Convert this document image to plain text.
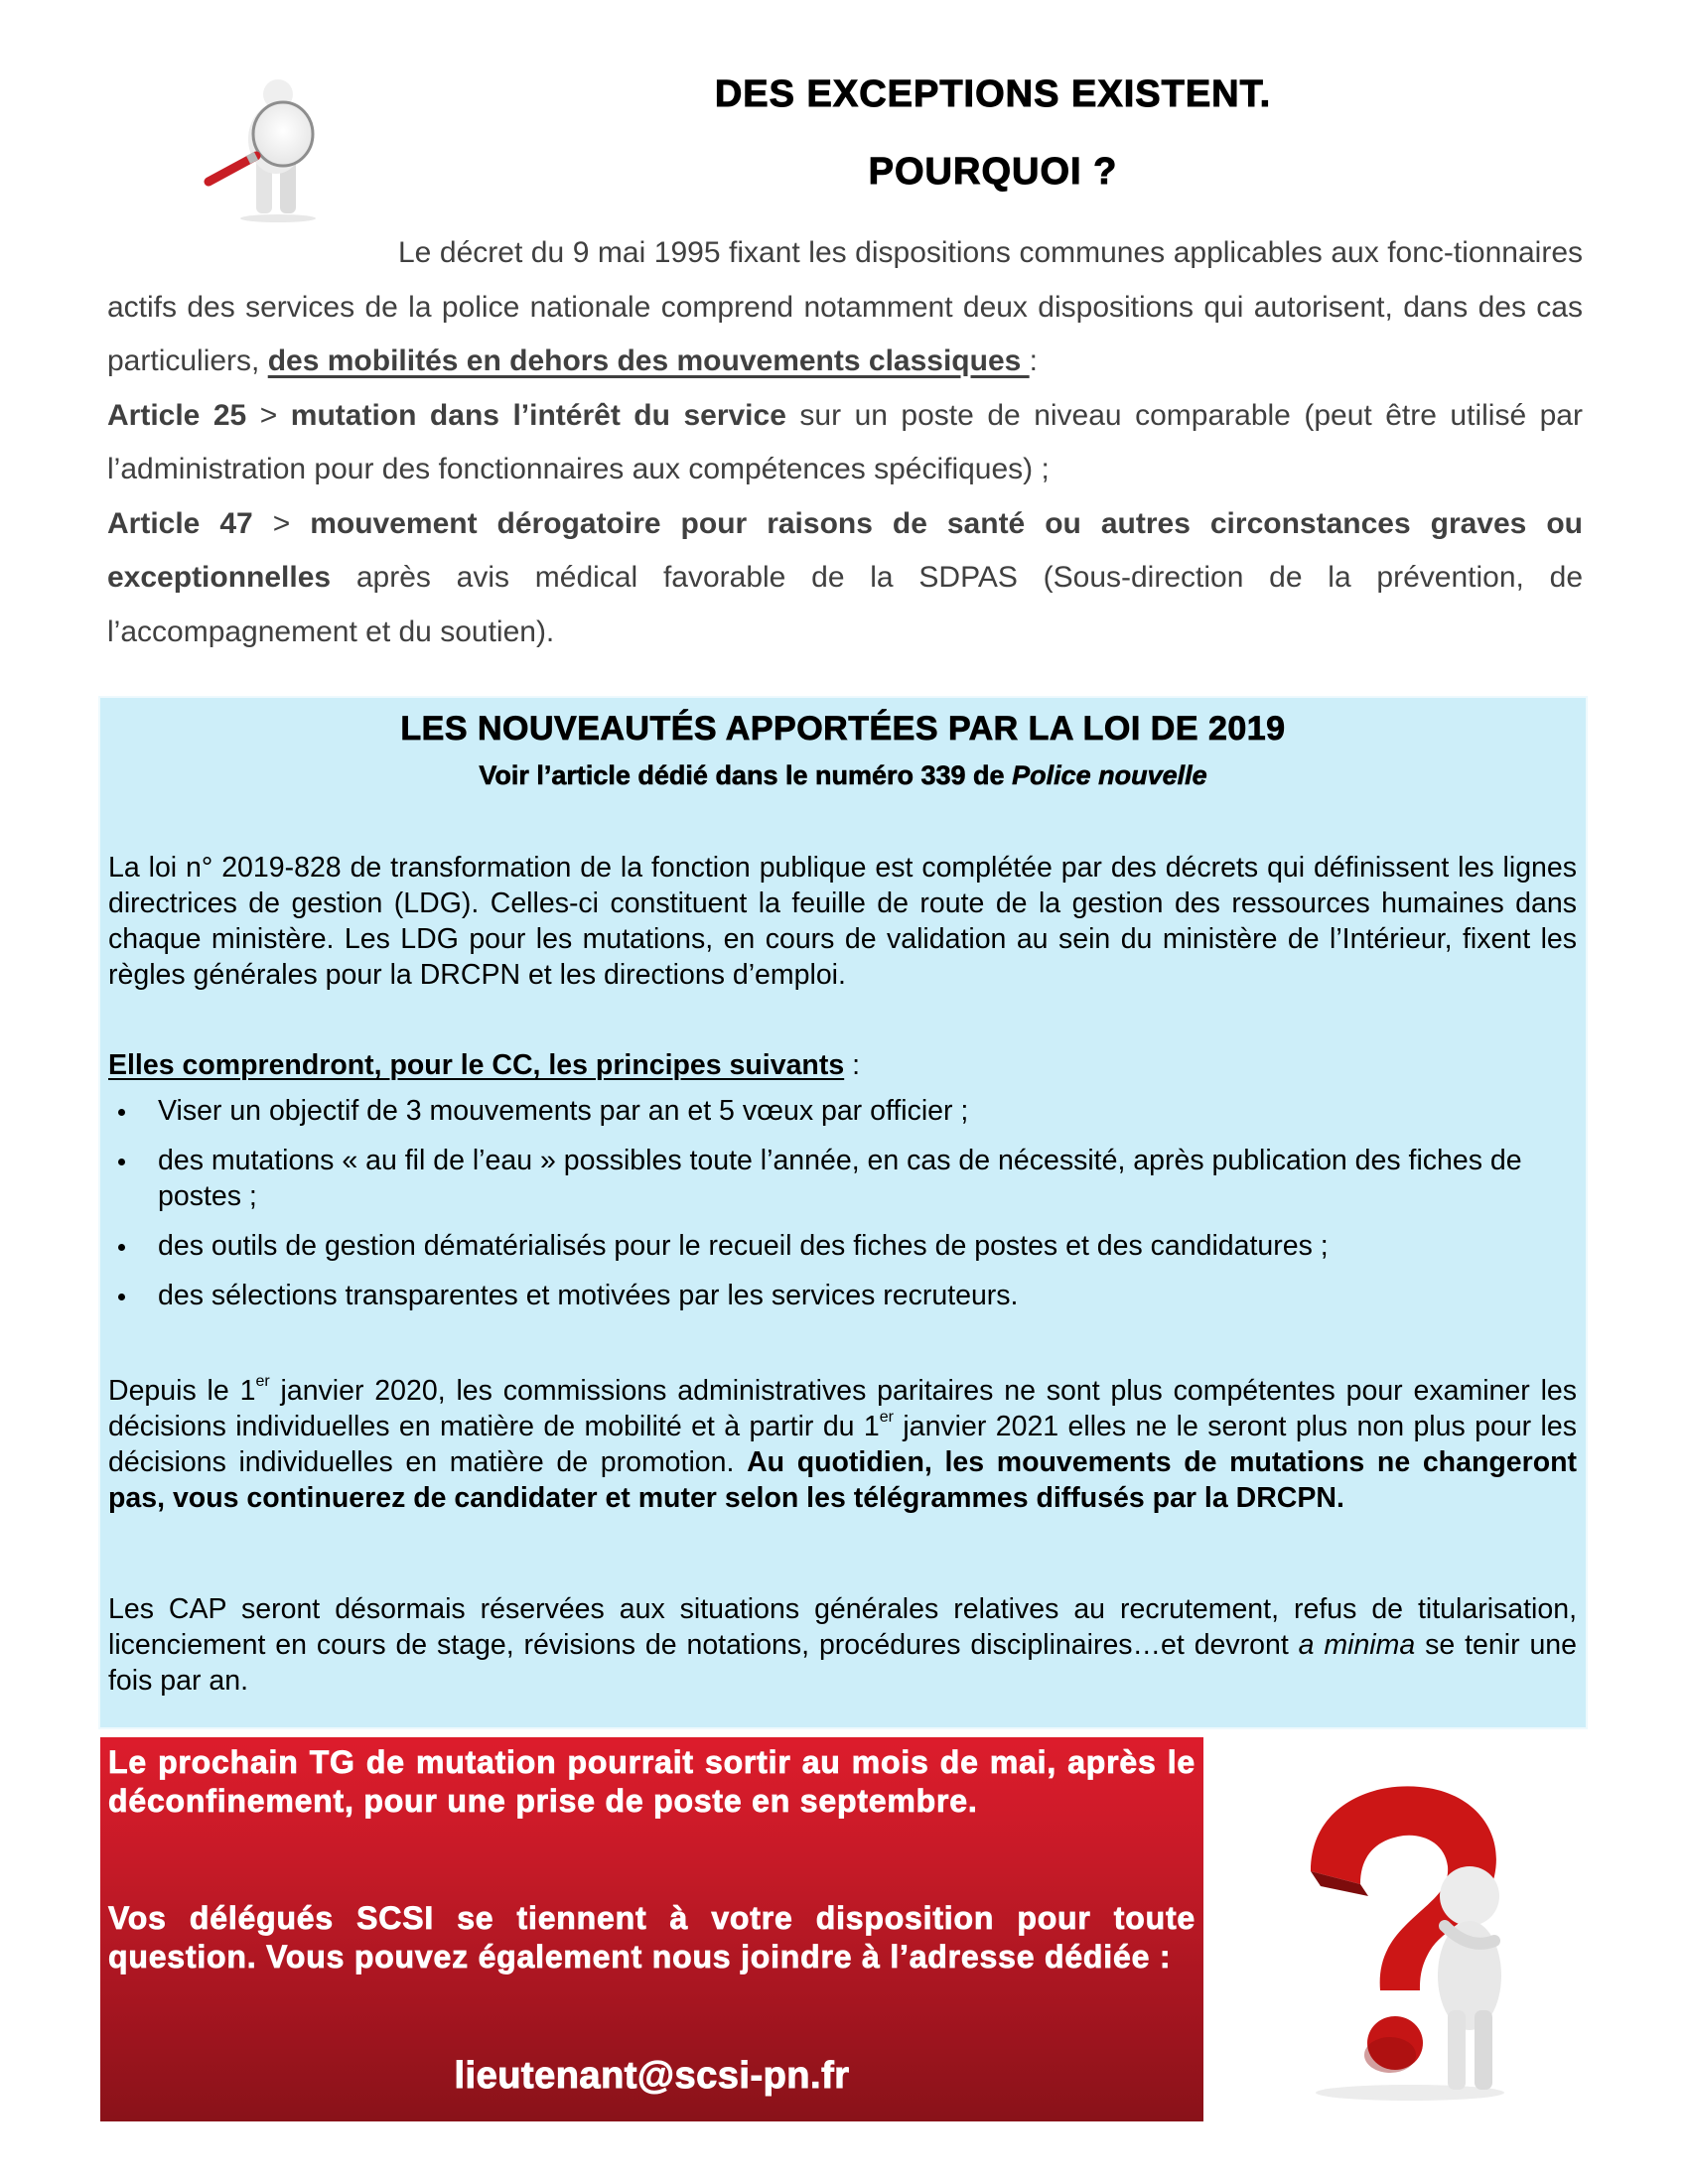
DES EXCEPTIONS EXISTENT.
POURQUOI ?

Le décret du 9 mai 1995 fixant les dispositions communes applicables aux fonc-tionnaires actifs des services de la police nationale comprend notamment deux dispositions qui autorisent, dans des cas particuliers, des mobilités en dehors des mouvements classiques :

Article 25 > mutation dans l’intérêt du service sur un poste de niveau comparable (peut être utilisé par l’administration pour des fonctionnaires aux compétences spécifiques) ;

Article 47 > mouvement dérogatoire pour raisons de santé ou autres circonstances graves ou exceptionnelles après avis médical favorable de la SDPAS (Sous-direction de la prévention, de l’accompagnement et du soutien).

LES NOUVEAUTÉS APPORTÉES PAR LA LOI DE 2019
Voir l’article dédié dans le numéro 339 de Police nouvelle

La loi n° 2019-828 de transformation de la fonction publique est complétée par des décrets qui définissent les lignes directrices de gestion (LDG). Celles-ci constituent la feuille de route de la gestion des ressources humaines dans chaque ministère. Les LDG pour les mutations, en cours de validation au sein du ministère de l’Intérieur, fixent les règles générales pour la DRCPN et les directions d’emploi.

Elles comprendront, pour le CC, les principes suivants :

Viser un objectif de 3 mouvements par an et 5 vœux par officier ;
des mutations « au fil de l’eau » possibles toute l’année, en cas de nécessité, après publication des fiches de postes ;
des outils de gestion dématérialisés pour le recueil des fiches de postes et des candidatures ;
des sélections transparentes et motivées par les services recruteurs.

Depuis le 1er janvier 2020, les commissions administratives paritaires ne sont plus compétentes pour examiner les décisions individuelles en matière de mobilité et à partir du 1er janvier 2021 elles ne le seront plus non plus pour les décisions individuelles en matière de promotion. Au quotidien, les mouvements de mutations ne changeront pas, vous continuerez de candidater et muter selon les télégrammes diffusés par la DRCPN.

Les CAP seront désormais réservées aux situations générales relatives au recrutement, refus de titularisation, licenciement en cours de stage, révisions de notations, procédures disciplinaires…et devront a minima se tenir une fois par an.

Le prochain TG de mutation pourrait sortir au mois de mai, après le déconfinement, pour une prise de poste en septembre.

Vos délégués SCSI se tiennent à votre disposition pour toute question. Vous pouvez également nous joindre à l’adresse dédiée :

lieutenant@scsi-pn.fr
